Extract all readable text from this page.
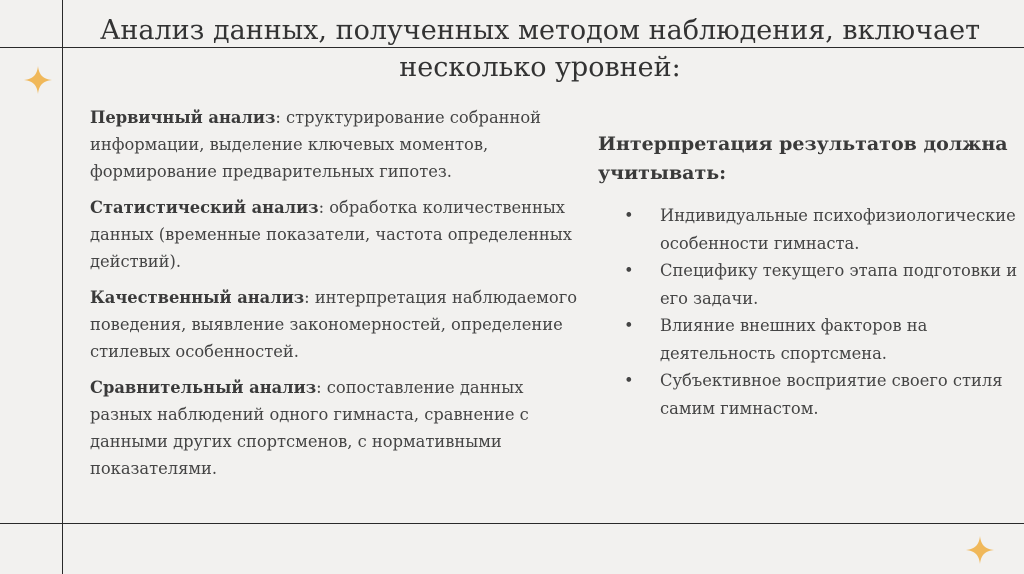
Анализ данных, полученных методом наблюдения, включает несколько уровней:

Первичный анализ: структурирование собранной информации, выделение ключевых моментов, формирование предварительных гипотез.

Статистический анализ: обработка количественных данных (временные показатели, частота определенных действий).

Качественный анализ: интерпретация наблюдаемого поведения, выявление закономерностей, определение стилевых особенностей.

Сравнительный анализ: сопоставление данных разных наблюдений одного гимнаста, сравнение с данными других спортсменов, с нормативными показателями.

Интерпретация результатов должна учитывать:

• Индивидуальные психофизиологические особенности гимнаста.
• Специфику текущего этапа подготовки и его задачи.
• Влияние внешних факторов на деятельность спортсмена.
• Субъективное восприятие своего стиля самим гимнастом.
